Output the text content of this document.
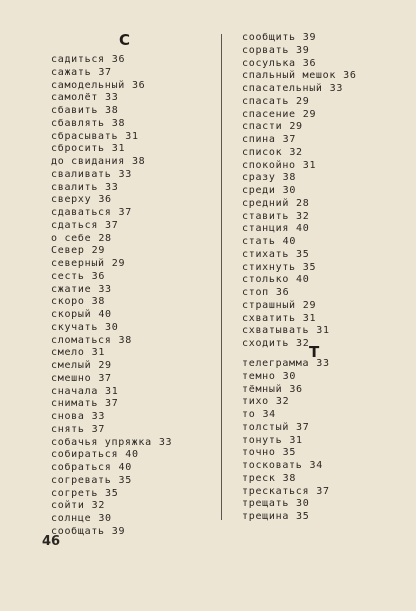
С
садиться 36
сажать 37
самодельный 36
самолёт 33
сбавить 38
сбавлять 38
сбрасывать 31
сбросить 31
до свидания 38
сваливать 33
свалить 33
сверху 36
сдаваться 37
сдаться 37
о себе 28
Север 29
северный 29
сесть 36
сжатие 33
скоро 38
скорый 40
скучать 30
сломаться 38
смело 31
смелый 29
смешно 37
сначала 31
снимать 37
снова 33
снять 37
собачья упряжка 33
собираться 40
собраться 40
согревать 35
согреть 35
сойти 32
солнце 30
сообщать 39
сообщить 39
сорвать 39
сосулька 36
спальный мешок 36
спасательный 33
спасать 29
спасение 29
спасти 29
спина 37
список 32
спокойно 31
сразу 38
среди 30
средний 28
ставить 32
станция 40
стать 40
стихать 35
стихнуть 35
столько 40
стоп 36
страшный 29
схватить 31
схватывать 31
сходить 32
телеграмма 33
темно 30
тёмный 36
тихо 32
то 34
толстый 37
тонуть 31
точно 35
тосковать 34
треск 38
трескаться 37
трещать 30
трещина 35
Т
46
